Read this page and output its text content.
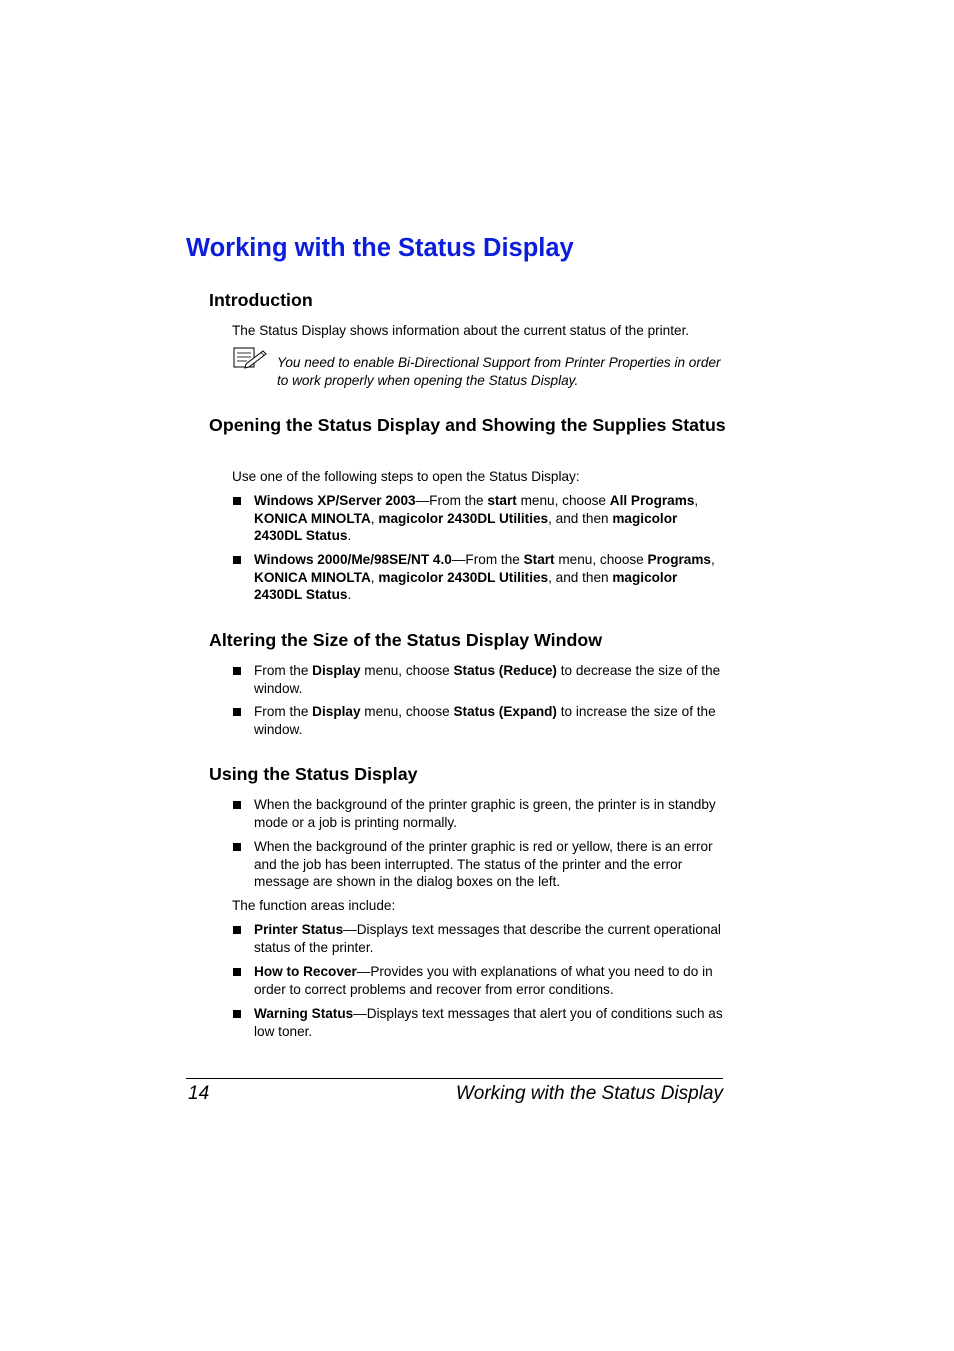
Working with the Status Display
Introduction

The Status Display shows information about the current status of the printer.

You need to enable Bi-Directional Support from Printer Properties in order to work properly when opening the Status Display.
Opening the Status Display and Showing the Supplies Status

Use one of the following steps to open the Status Display:

Windows XP/Server 2003—From the start menu, choose All Programs, KONICA MINOLTA, magicolor 2430DL Utilities, and then magicolor 2430DL Status.
Windows 2000/Me/98SE/NT 4.0—From the Start menu, choose Programs, KONICA MINOLTA, magicolor 2430DL Utilities, and then magicolor 2430DL Status.
Altering the Size of the Status Display Window
From the Display menu, choose Status (Reduce) to decrease the size of the window.
From the Display menu, choose Status (Expand) to increase the size of the window.
Using the Status Display
When the background of the printer graphic is green, the printer is in standby mode or a job is printing normally.
When the background of the printer graphic is red or yellow, there is an error and the job has been interrupted. The status of the printer and the error message are shown in the dialog boxes on the left.

The function areas include:

Printer Status—Displays text messages that describe the current operational status of the printer.
How to Recover—Provides you with explanations of what you need to do in order to correct problems and recover from error conditions.
Warning Status—Displays text messages that alert you of conditions such as low toner.
14	Working with the Status Display
